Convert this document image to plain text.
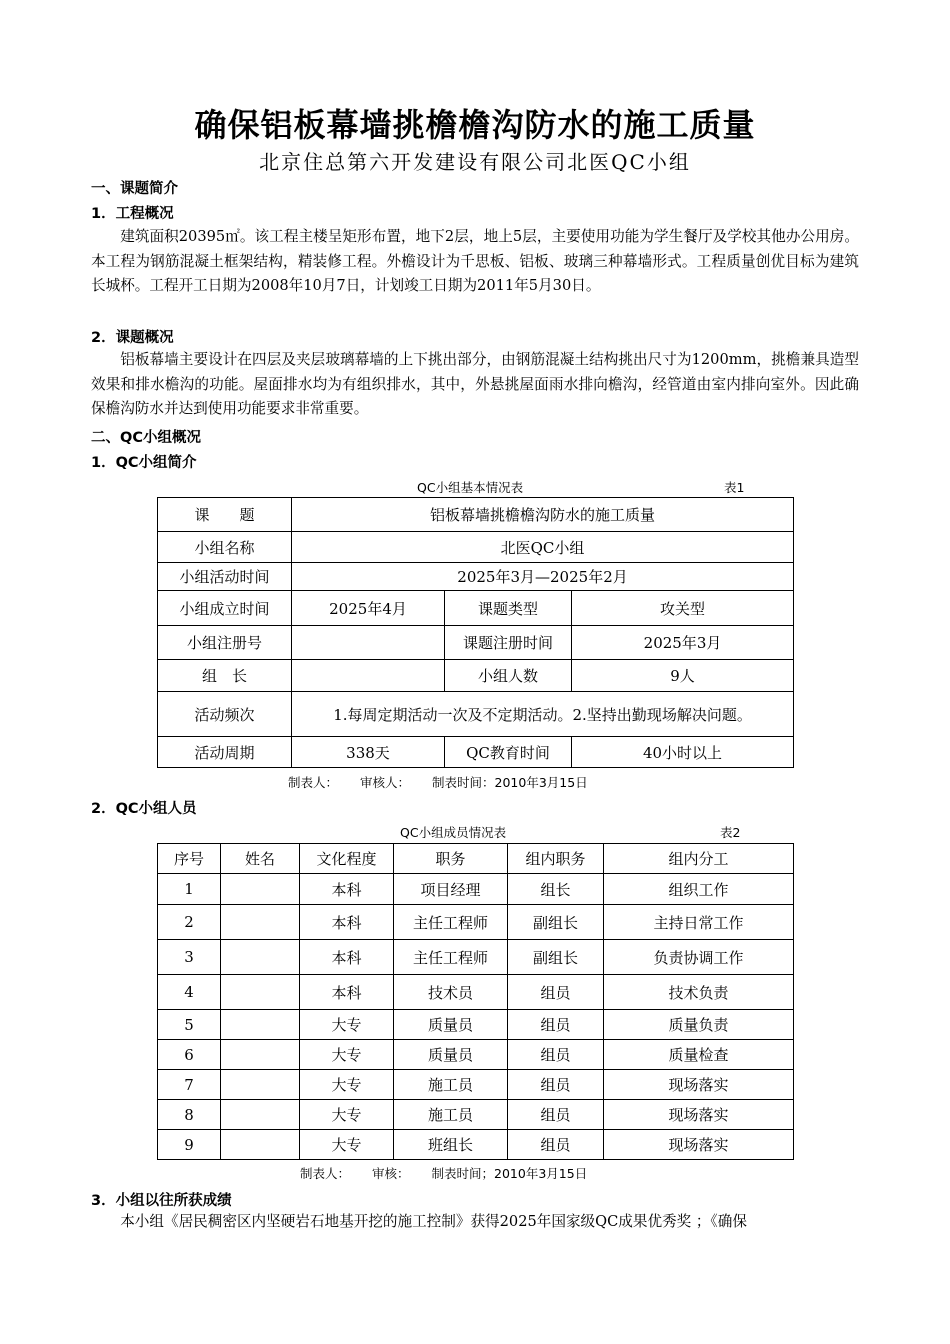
确保铝板幕墙挑檐檐沟防水的施工质量
北京住总第六开发建设有限公司北医QC小组
一、课题简介
1．工程概况

建筑面积20395㎡。该工程主楼呈矩形布置，地下2层，地上5层，主要使用功能为学生餐厅及学校其他办公用房。本工程为钢筋混凝土框架结构，精装修工程。外檐设计为千思板、铝板、玻璃三种幕墙形式。工程质量创优目标为建筑长城杯。工程开工日期为2008年10月7日，计划竣工日期为2011年5月30日。

2．课题概况

铝板幕墙主要设计在四层及夹层玻璃幕墙的上下挑出部分，由钢筋混凝土结构挑出尺寸为1200mm，挑檐兼具造型效果和排水檐沟的功能。屋面排水均为有组织排水，其中，外悬挑屋面雨水排向檐沟，经管道由室内排向室外。因此确保檐沟防水并达到使用功能要求非常重要。

二、QC小组概况
1．QC小组简介
QC小组基本情况表	表1
课　　题	铝板幕墙挑檐檐沟防水的施工质量		
小组名称	北医QC小组		
小组活动时间	2025年3月—2025年2月		
小组成立时间	2025年4月	课题类型	攻关型
小组注册号		课题注册时间	2025年3月
组　长		小组人数	9人
活动频次	1.每周定期活动一次及不定期活动。2.坚持出勤现场解决问题。		
活动周期	338天	QC教育时间	40小时以上
制表人： 审核人： 制表时间：2010年3月15日
2．QC小组人员
QC小组成员情况表	表2
序号	姓名	文化程度	职务	组内职务	组内分工
1		本科	项目经理	组长	组织工作
2		本科	主任工程师	副组长	主持日常工作
3		本科	主任工程师	副组长	负责协调工作
4		本科	技术员	组员	技术负责
5		大专	质量员	组员	质量负责
6		大专	质量员	组员	质量检查
7		大专	施工员	组员	现场落实
8		大专	施工员	组员	现场落实
9		大专	班组长	组员	现场落实
制表人： 审核： 制表时间；2010年3月15日
3．小组以往所获成绩

本小组《居民稠密区内坚硬岩石地基开挖的施工控制》获得2025年国家级QC成果优秀奖 ；《确保
